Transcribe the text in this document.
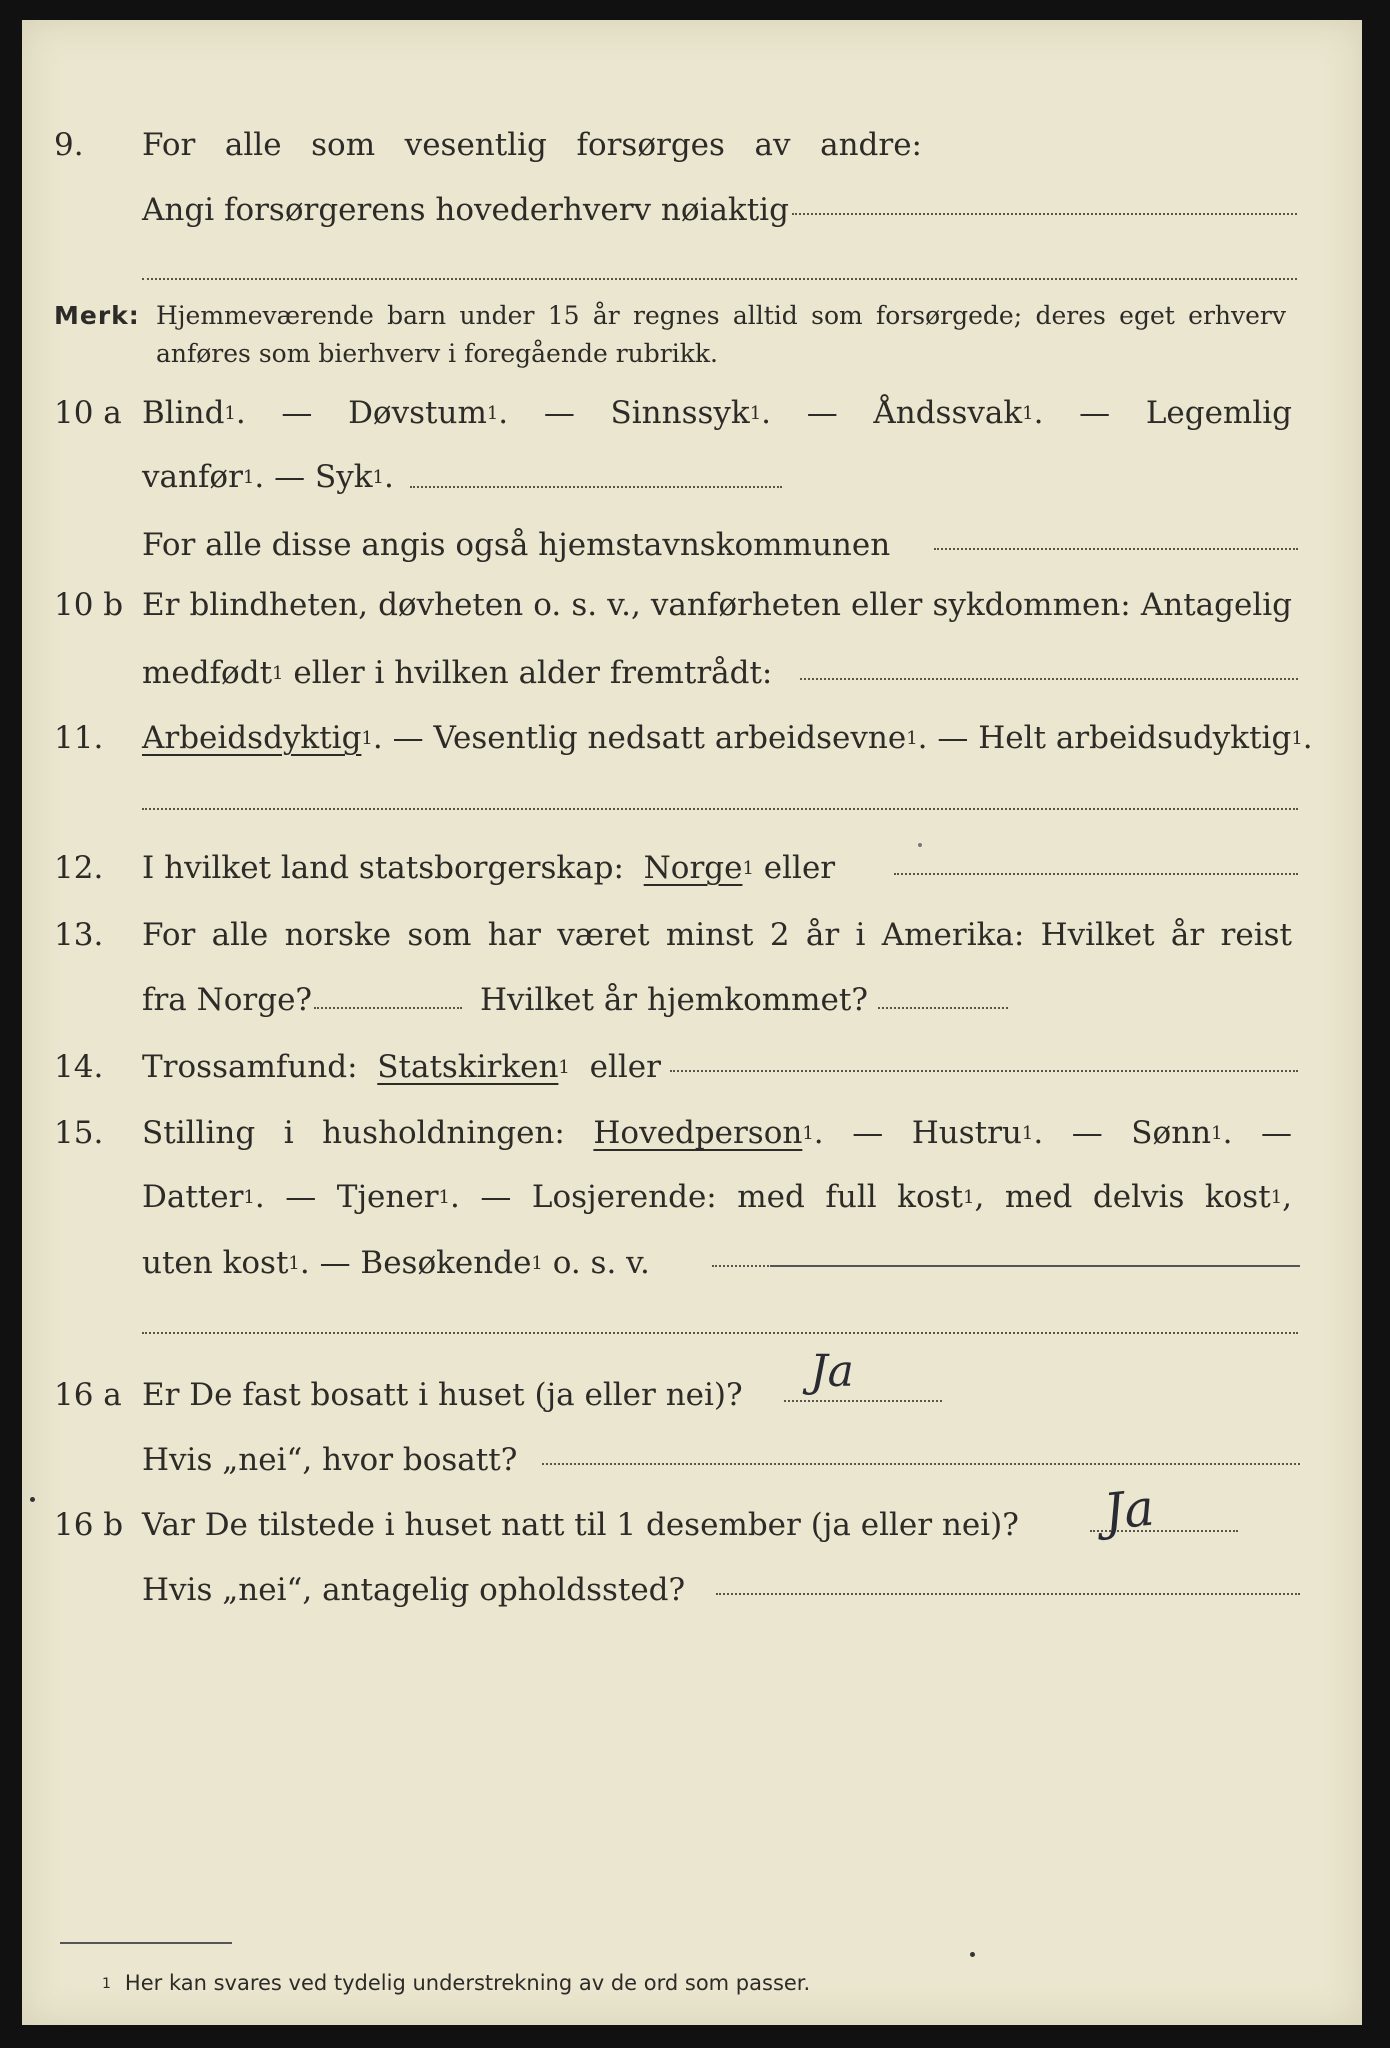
9. For alle som vesentlig forsørges av andre:
Angi forsørgerens hovederhverv nøiaktig
Merk: Hjemmeværende barn under 15 år regnes alltid som forsørgede; deres eget erhverv
anføres som bierhverv i foregående rubrikk.
10 a Blind$^1$. — Døvstum$^1$. — Sinnssyk$^1$. — Åndssvak$^1$. — Legemlig
vanfør$^1$. — Syk$^1$.
For alle disse angis også hjemstavnskommunen
10 b Er blindheten, døvheten o. s. v., vanførheten eller sykdommen: Antagelig
medfødt$^1$ eller i hvilken alder fremtrådt:
11. Arbeidsdyktig$^1$. — Vesentlig nedsatt arbeidsevne$^1$. — Helt arbeidsudyktig$^1$.
12. I hvilket land statsborgerskap: Norge$^1$ eller
13. For alle norske som har været minst 2 år i Amerika: Hvilket år reist
fra Norge?	Hvilket år hjemkommet?
14. Trossamfund: Statskirken$^1$ eller
15. Stilling i husholdningen: Hovedperson$^1$. — Hustru$^1$. — Sønn$^1$. —
Datter$^1$. — Tjener$^1$. — Losjerende: med full kost$^1$, med delvis kost$^1$,
uten kost$^1$. — Besøkende$^1$ o. s. v.
16 a Er De fast bosatt i huset (ja eller nei)? Ja
Hvis „nei“, hvor bosatt?
16 b Var De tilstede i huset natt til 1 desember (ja eller nei)? Ja
Hvis „nei“, antagelig opholdssted?
1 Her kan svares ved tydelig understrekning av de ord som passer.
